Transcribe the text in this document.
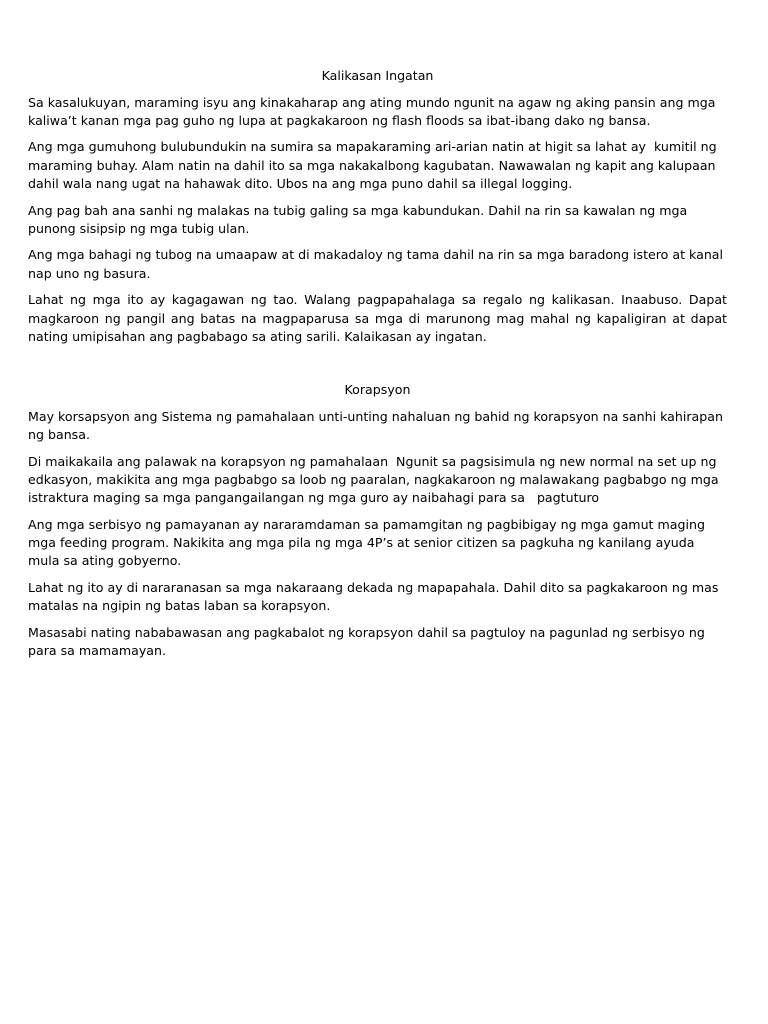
Kalikasan Ingatan

Sa kasalukuyan, maraming isyu ang kinakaharap ang ating mundo ngunit na agaw ng aking pansin ang mga kaliwa’t kanan mga pag guho ng lupa at pagkakaroon ng flash floods sa ibat-ibang dako ng bansa.

Ang mga gumuhong bulubundukin na sumira sa mapakaraming ari-arian natin at higit sa lahat ay  kumitil ng maraming buhay. Alam natin na dahil ito sa mga nakakalbong kagubatan. Nawawalan ng kapit ang kalupaan dahil wala nang ugat na hahawak dito. Ubos na ang mga puno dahil sa illegal logging.

Ang pag bah ana sanhi ng malakas na tubig galing sa mga kabundukan. Dahil na rin sa kawalan ng mga punong sisipsip ng mga tubig ulan.

Ang mga bahagi ng tubog na umaapaw at di makadaloy ng tama dahil na rin sa mga baradong istero at kanal nap uno ng basura.

Lahat ng mga ito ay kagagawan ng tao. Walang pagpapahalaga sa regalo ng kalikasan. Inaabuso. Dapat magkaroon ng pangil ang batas na magpaparusa sa mga di marunong mag mahal ng kapaligiran at dapat nating umipisahan ang pagbabago sa ating sarili. Kalaikasan ay ingatan.

Korapsyon

May korsapsyon ang Sistema ng pamahalaan unti-unting nahaluan ng bahid ng korapsyon na sanhi kahirapan ng bansa.

Di maikakaila ang palawak na korapsyon ng pamahalaan  Ngunit sa pagsisimula ng new normal na set up ng edkasyon, makikita ang mga pagbabgo sa loob ng paaralan, nagkakaroon ng malawakang pagbabgo ng mga istraktura maging sa mga pangangailangan ng mga guro ay naibahagi para sa   pagtuturo

Ang mga serbisyo ng pamayanan ay nararamdaman sa pamamgitan ng pagbibigay ng mga gamut maging mga feeding program. Nakikita ang mga pila ng mga 4P’s at senior citizen sa pagkuha ng kanilang ayuda mula sa ating gobyerno.

Lahat ng ito ay di nararanasan sa mga nakaraang dekada ng mapapahala. Dahil dito sa pagkakaroon ng mas matalas na ngipin ng batas laban sa korapsyon.

Masasabi nating nababawasan ang pagkabalot ng korapsyon dahil sa pagtuloy na pagunlad ng serbisyo ng para sa mamamayan.
